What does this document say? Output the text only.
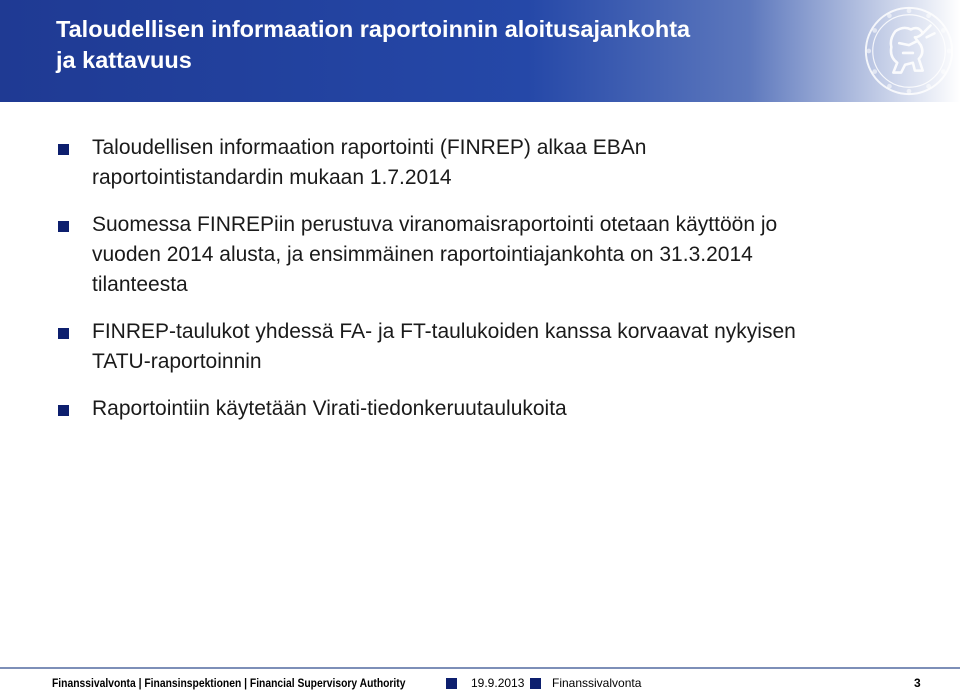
Taloudellisen informaation raportoinnin aloitusajankohta
ja kattavuus
Taloudellisen informaation raportointi (FINREP) alkaa EBAn
raportointistandardin mukaan 1.7.2014
Suomessa FINREPiin perustuva viranomaisraportointi otetaan käyttöön jo
vuoden 2014 alusta, ja ensimmäinen raportointiajankohta on 31.3.2014
tilanteesta
FINREP-taulukot yhdessä FA- ja FT-taulukoiden kanssa korvaavat nykyisen
TATU-raportoinnin
Raportointiin käytetään Virati-tiedonkeruutaulukoita
Finanssivalvonta | Finansinspektionen | Financial Supervisory Authority	19.9.2013 Finanssivalvonta	3
